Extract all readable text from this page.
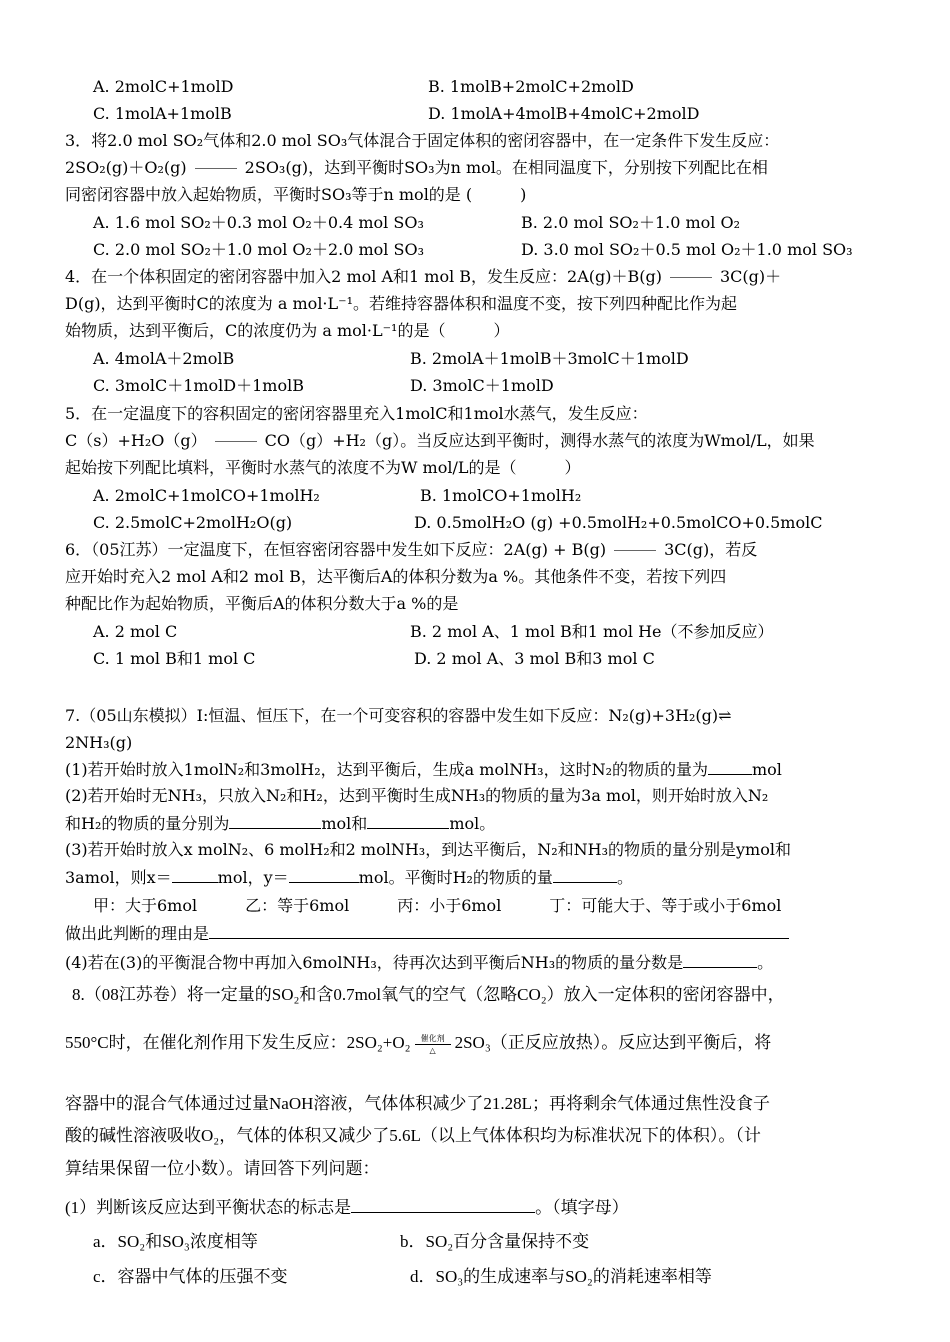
A. 2molC+1molD	B. 1molB+2molC+2molD
C. 1molA+1molB	D. 1molA+4molB+4molC+2molD
3．将2.0 mol SO₂气体和2.0 mol SO₃气体混合于固定体积的密闭容器中，在一定条件下发生反应：
2SO₂(g)＋O₂(g)	2SO₃(g)，达到平衡时SO₃为n mol。在相同温度下，分别按下列配比在相
同密闭容器中放入起始物质，平衡时SO₃等于n mol的是 (　　　)
A. 1.6 mol SO₂＋0.3 mol O₂＋0.4 mol SO₃	B. 2.0 mol SO₂＋1.0 mol O₂
C. 2.0 mol SO₂＋1.0 mol O₂＋2.0 mol SO₃	D. 3.0 mol SO₂＋0.5 mol O₂＋1.0 mol SO₃
4．在一个体积固定的密闭容器中加入2 mol A和1 mol B，发生反应：2A(g)＋B(g)	3C(g)＋
D(g)，达到平衡时C的浓度为 a mol·L⁻¹。若维持容器体积和温度不变，按下列四种配比作为起
始物质，达到平衡后，C的浓度仍为 a mol·L⁻¹的是（　　　）
A. 4molA＋2molB	B. 2molA＋1molB＋3molC＋1molD
C. 3molC＋1molD＋1molB	D. 3molC＋1molD
5．在一定温度下的容积固定的密闭容器里充入1molC和1mol水蒸气，发生反应：
C（s）+H₂O（g）	CO（g）+H₂（g）。当反应达到平衡时，测得水蒸气的浓度为Wmol/L，如果
起始按下列配比填料，平衡时水蒸气的浓度不为W mol/L的是（　　　）
A. 2molC+1molCO+1molH₂	B. 1molCO+1molH₂
C. 2.5molC+2molH₂O(g)	D. 0.5molH₂O (g) +0.5molH₂+0.5molCO+0.5molC
6．（05江苏）一定温度下，在恒容密闭容器中发生如下反应：2A(g) + B(g)	3C(g)，若反
应开始时充入2 mol A和2 mol B，达平衡后A的体积分数为a %。其他条件不变，若按下列四
种配比作为起始物质，平衡后A的体积分数大于a %的是
A. 2 mol C	B. 2 mol A、1 mol B和1 mol He（不参加反应）
C. 1 mol B和1 mol C	D. 2 mol A、3 mol B和3 mol C
7.（05山东模拟）Ⅰ:恒温、恒压下，在一个可变容积的容器中发生如下反应：N₂(g)+3H₂(g)⇌
2NH₃(g)
(1)若开始时放入1molN₂和3molH₂，达到平衡后，生成a molNH₃，这时N₂的物质的量为	mol
(2)若开始时无NH₃，只放入N₂和H₂，达到平衡时生成NH₃的物质的量为3a mol，则开始时放入N₂
和H₂的物质的量分别为	mol和	mol。
(3)若开始时放入x molN₂、6 molH₂和2 molNH₃，到达平衡后，N₂和NH₃的物质的量分别是ymol和
3amol，则x＝	mol，y＝	mol。平衡时H₂的物质的量	。
甲：大于6mol　　　乙：等于6mol　　　丙：小于6mol　　　丁：可能大于、等于或小于6mol
做出此判断的理由是
(4)若在(3)的平衡混合物中再加入6molNH₃，待再次达到平衡后NH₃的物质的量分数是	。
8.（08江苏卷）将一定量的SO₂和含0.7mol氧气的空气（忽略CO₂）放入一定体积的密闭容器中，
550°C时，在催化剂作用下发生反应：2SO₂+O₂ 催化剂
△ 2SO₃（正反应放热）。反应达到平衡后，将
容器中的混合气体通过过量NaOH溶液，气体体积减少了21.28L；再将剩余气体通过焦性没食子
酸的碱性溶液吸收O₂，气体的体积又减少了5.6L（以上气体体积均为标准状况下的体积）。（计
算结果保留一位小数）。请回答下列问题：
(1）判断该反应达到平衡状态的标志是	。（填字母）
a．SO₂和SO₃浓度相等	b．SO₂百分含量保持不变
c．容器中气体的压强不变	d．SO₃的生成速率与SO₂的消耗速率相等
